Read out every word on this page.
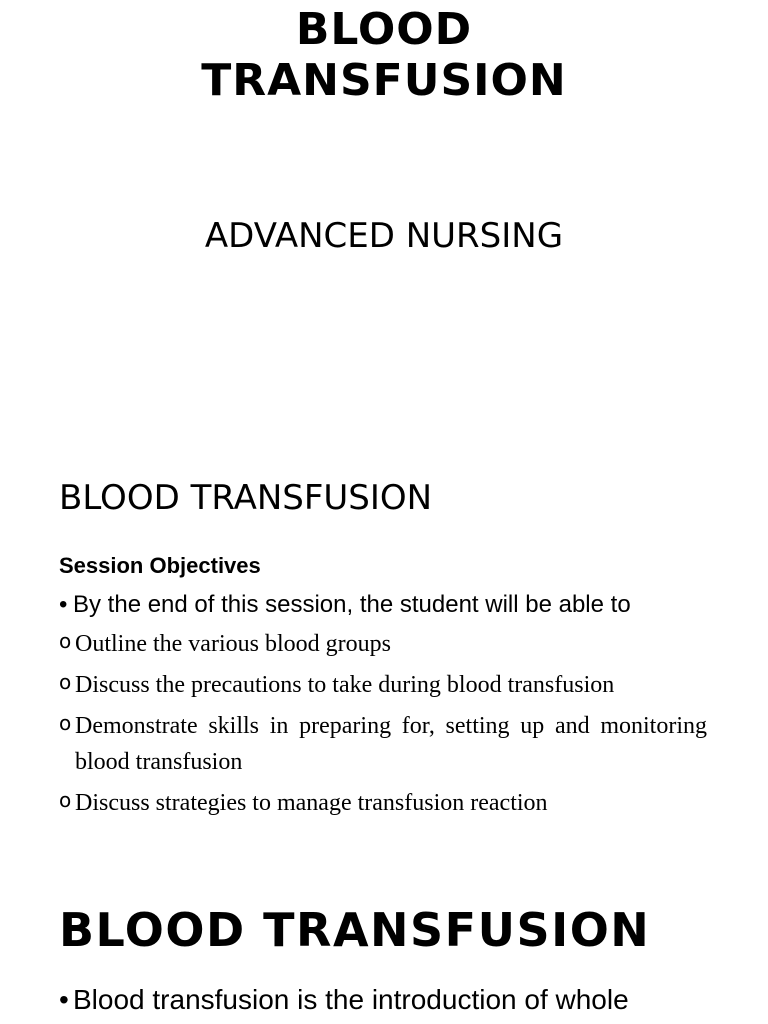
BLOOD
TRANSFUSION
ADVANCED NURSING
BLOOD TRANSFUSION
Session Objectives
• By the end of this session, the student will be able to
o Outline the various blood groups
o Discuss the precautions to take during blood transfusion
o Demonstrate skills in preparing for, setting up and monitoring blood transfusion
o Discuss strategies to manage transfusion reaction
BLOOD TRANSFUSION
• Blood transfusion is the introduction of whole
